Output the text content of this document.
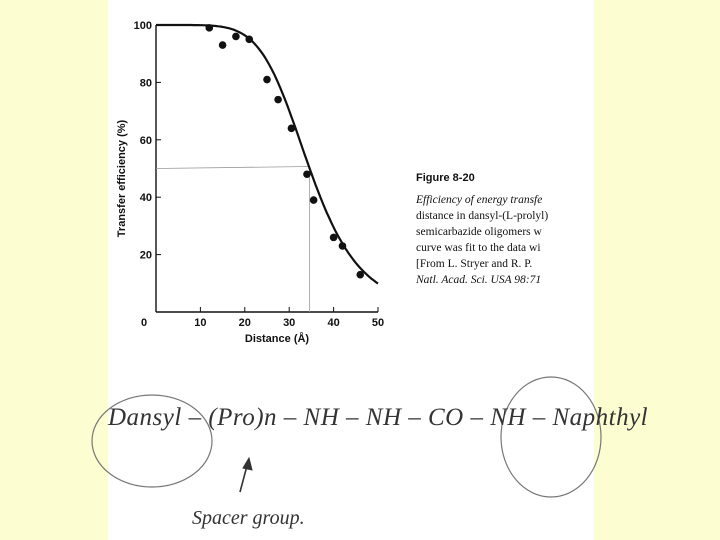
20
40
60
80
100
0	10	20	30	40	50
Distance (Å)
Transfer efficiency (%)	Figure 8-20
Efficiency of energy transfe
distance in dansyl-(L-prolyl)
semicarbazide oligomers w
curve was fit to the data wi
[From L. Stryer and R. P.
Natl. Acad. Sci. USA 98:71
Dansyl – (Pro)n – NH – NH – CO – NH – Naphthyl
Spacer group.
